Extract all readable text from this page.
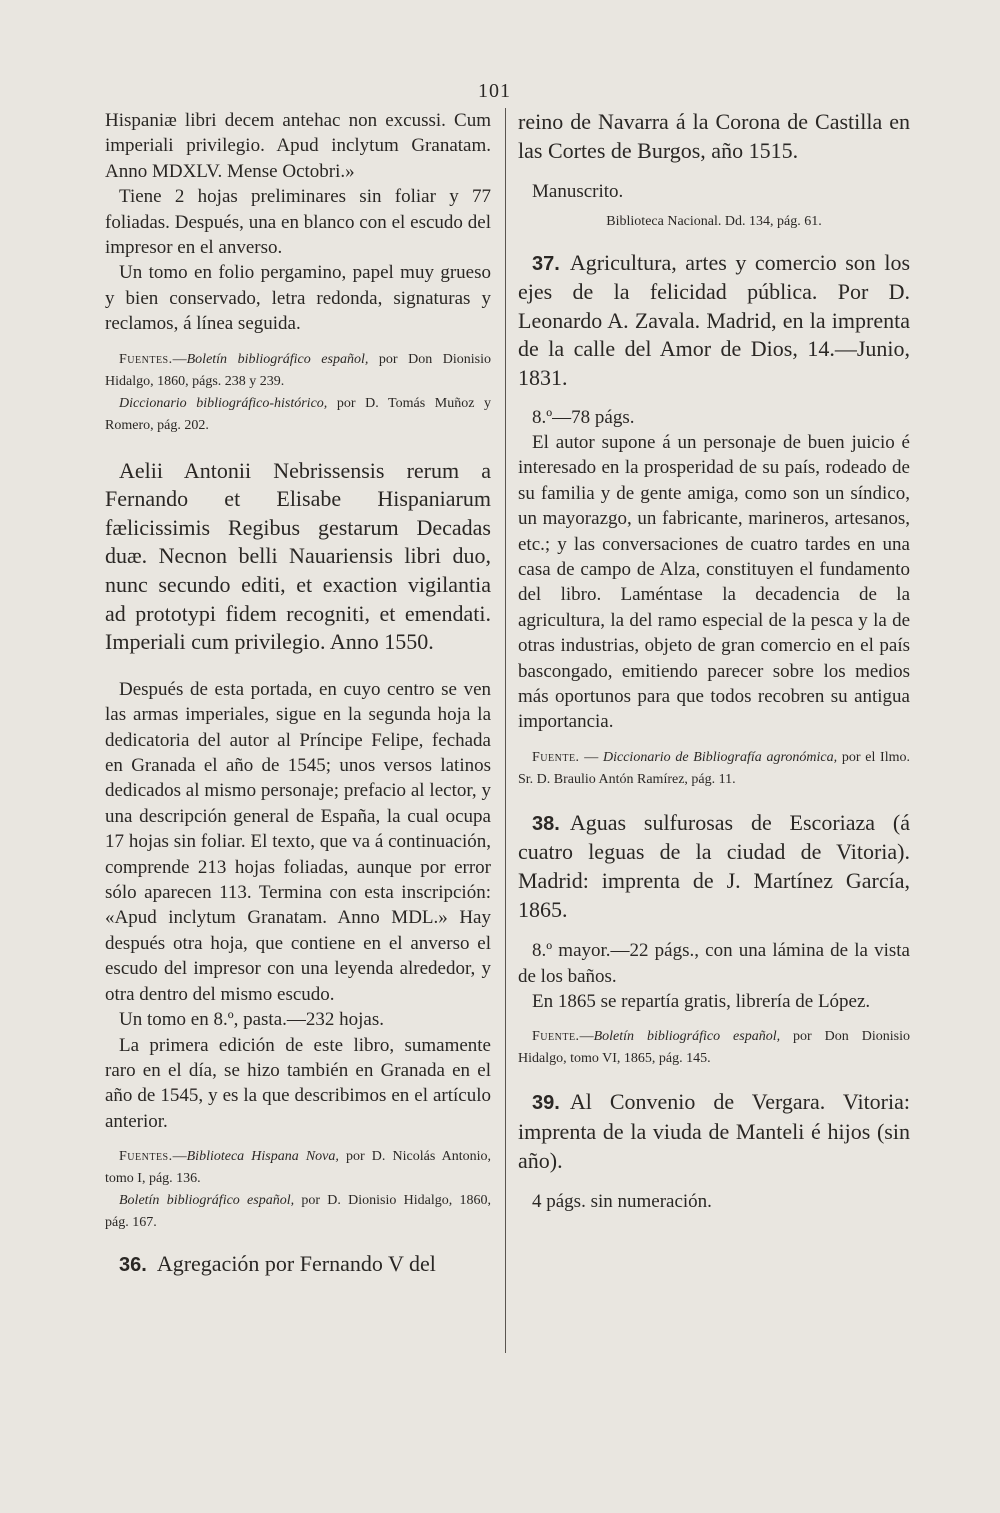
101

Hispaniæ libri decem antehac non excussi. Cum imperiali privilegio. Apud inclytum Granatam. Anno MDXLV. Mense Octobri.»

Tiene 2 hojas preliminares sin foliar y 77 foliadas. Después, una en blanco con el escudo del impresor en el anverso.

Un tomo en folio pergamino, papel muy grueso y bien conservado, letra redonda, signaturas y reclamos, á línea seguida.

Fuentes.—Boletín bibliográfico español, por Don Dionisio Hidalgo, 1860, págs. 238 y 239.

Diccionario bibliográfico-histórico, por D. Tomás Muñoz y Romero, pág. 202.

Aelii Antonii Nebrissensis rerum a Fernando et Elisabe Hispaniarum fælicissimis Regibus gestarum Decadas duæ. Necnon belli Nauariensis libri duo, nunc secundo editi, et exaction vigilantia ad prototypi fidem recogniti, et emendati. Imperiali cum privilegio. Anno 1550.

Después de esta portada, en cuyo centro se ven las armas imperiales, sigue en la segunda hoja la dedicatoria del autor al Príncipe Felipe, fechada en Granada el año de 1545; unos versos latinos dedicados al mismo personaje; prefacio al lector, y una descripción general de España, la cual ocupa 17 hojas sin foliar. El texto, que va á continuación, comprende 213 hojas foliadas, aunque por error sólo aparecen 113. Termina con esta inscripción: «Apud inclytum Granatam. Anno MDL.» Hay después otra hoja, que contiene en el anverso el escudo del impresor con una leyenda alrededor, y otra dentro del mismo escudo.

Un tomo en 8.º, pasta.—232 hojas.

La primera edición de este libro, sumamente raro en el día, se hizo también en Granada en el año de 1545, y es la que describimos en el artículo anterior.

Fuentes.—Biblioteca Hispana Nova, por D. Nicolás Antonio, tomo I, pág. 136.

Boletín bibliográfico español, por D. Dionisio Hidalgo, 1860, pág. 167.

36. Agregación por Fernando V del

reino de Navarra á la Corona de Castilla en las Cortes de Burgos, año 1515.

Manuscrito.

Biblioteca Nacional. Dd. 134, pág. 61.

37. Agricultura, artes y comercio son los ejes de la felicidad pública. Por D. Leonardo A. Zavala. Madrid, en la imprenta de la calle del Amor de Dios, 14.—Junio, 1831.

8.º—78 págs.

El autor supone á un personaje de buen juicio é interesado en la prosperidad de su país, rodeado de su familia y de gente amiga, como son un síndico, un mayorazgo, un fabricante, marineros, artesanos, etc.; y las conversaciones de cuatro tardes en una casa de campo de Alza, constituyen el fundamento del libro. Laméntase la decadencia de la agricultura, la del ramo especial de la pesca y la de otras industrias, objeto de gran comercio en el país bascongado, emitiendo parecer sobre los medios más oportunos para que todos recobren su antigua importancia.

Fuente. — Diccionario de Bibliografía agronómica, por el Ilmo. Sr. D. Braulio Antón Ramírez, pág. 11.

38. Aguas sulfurosas de Escoriaza (á cuatro leguas de la ciudad de Vitoria). Madrid: imprenta de J. Martínez García, 1865.

8.º mayor.—22 págs., con una lámina de la vista de los baños.

En 1865 se repartía gratis, librería de López.

Fuente.—Boletín bibliográfico español, por Don Dionisio Hidalgo, tomo VI, 1865, pág. 145.

39. Al Convenio de Vergara. Vitoria: imprenta de la viuda de Manteli é hijos (sin año).

4 págs. sin numeración.
